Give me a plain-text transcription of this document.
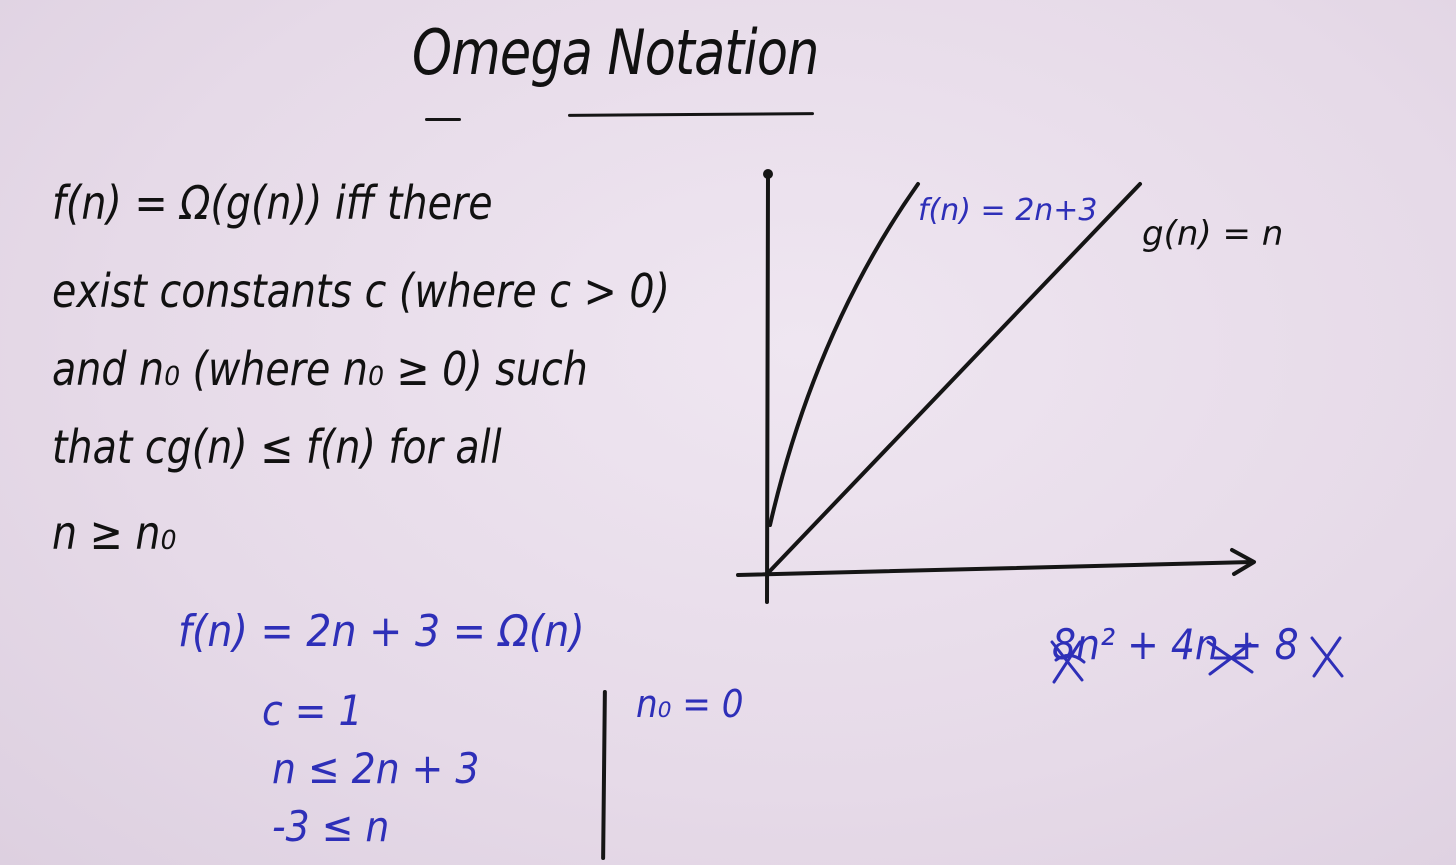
Omega Notation
f(n) = Ω(g(n)) iff there
exist constants c (where c > 0)
and n₀ (where n₀ ≥ 0) such
that cg(n) ≤ f(n) for all
n ≥ n₀
f(n) = 2n+3
g(n) = n
f(n) = 2n + 3 = Ω(n)
c = 1
n ≤ 2n + 3
-3 ≤ n
n₀ = 0
8n² + 4n + 8
